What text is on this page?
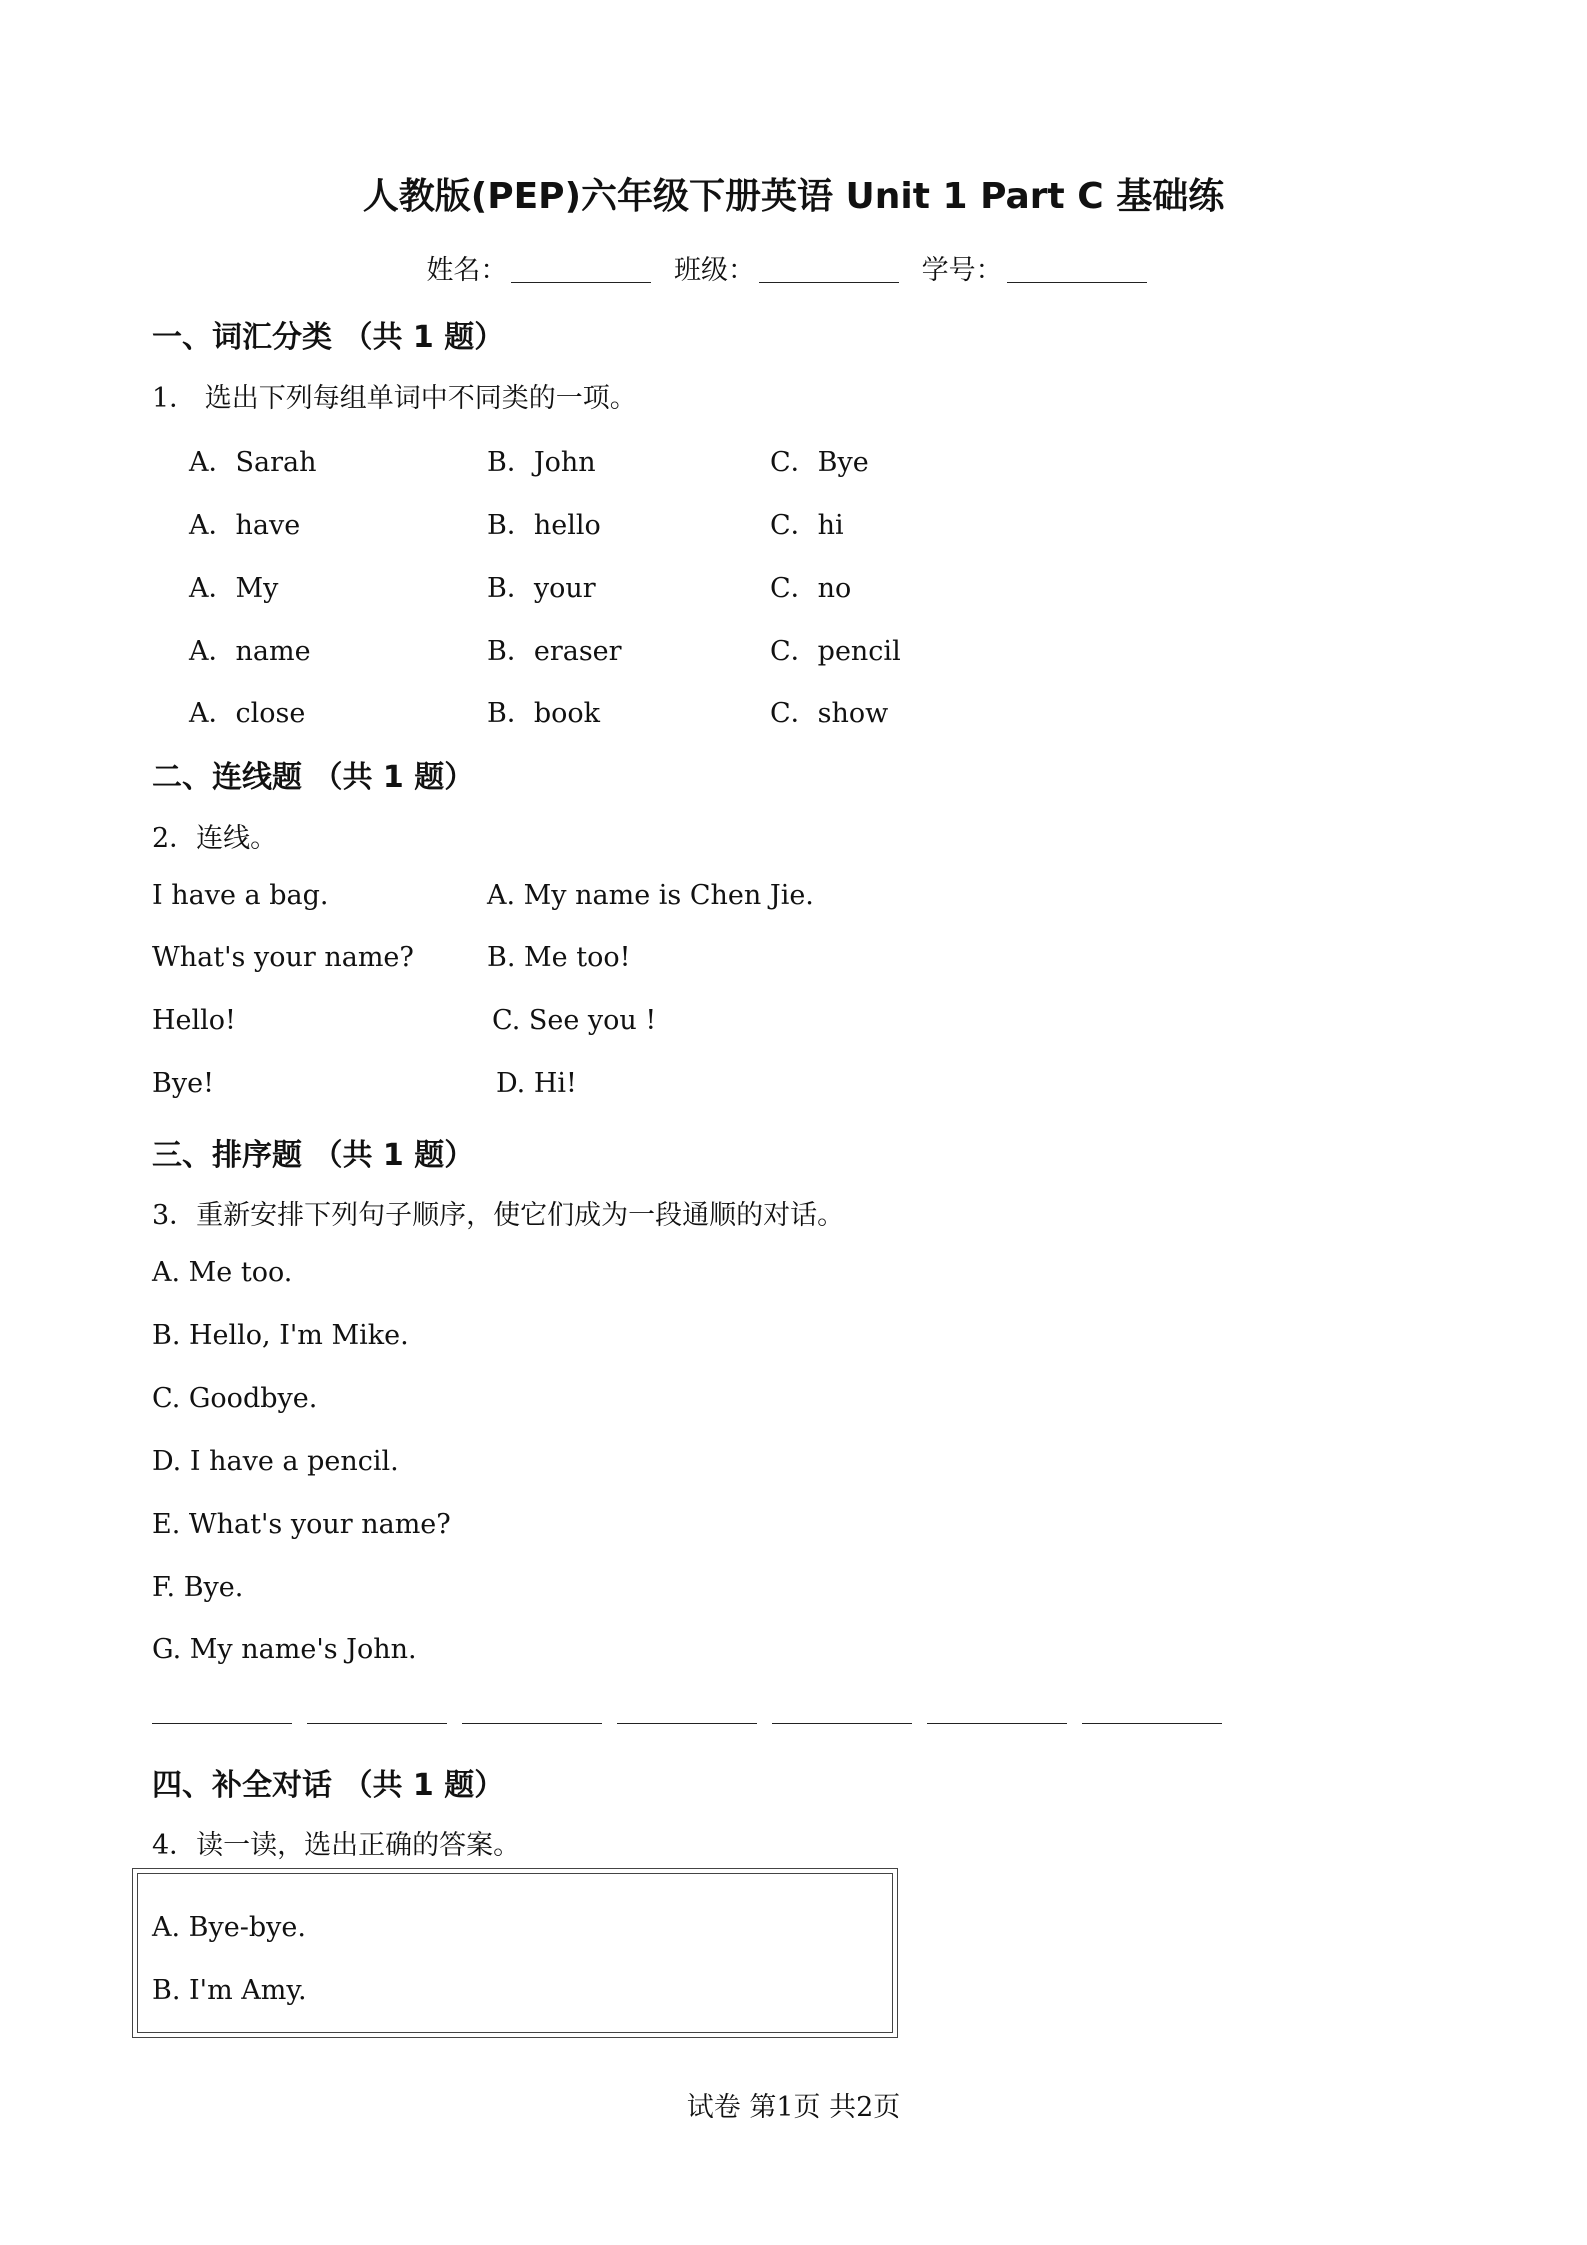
人教版(PEP)六年级下册英语 Unit 1 Part C 基础练
姓名：	班级：	学号：
一、词汇分类 （共 1 题）
1． 选出下列每组单词中不同类的一项。
A．Sarah	B．John	C．Bye
A．have	B．hello	C．hi
A．My	B．your	C．no
A．name	B．eraser	C．pencil
A．close	B．book	C．show
二、连线题 （共 1 题）
2．连线。
I have a bag.	A. My name is Chen Jie.
What's your name?	B. Me too!
Hello!	C. See you !
Bye!	D. Hi!
三、排序题 （共 1 题）
3．重新安排下列句子顺序，使它们成为一段通顺的对话。
A. Me too.
B. Hello, I'm Mike.
C. Goodbye.
D. I have a pencil.
E. What's your name?
F. Bye.
G. My name's John.
四、补全对话 （共 1 题）
4．读一读，选出正确的答案。
A. Bye-bye.
B. I'm Amy.
试卷 第1页 共2页
